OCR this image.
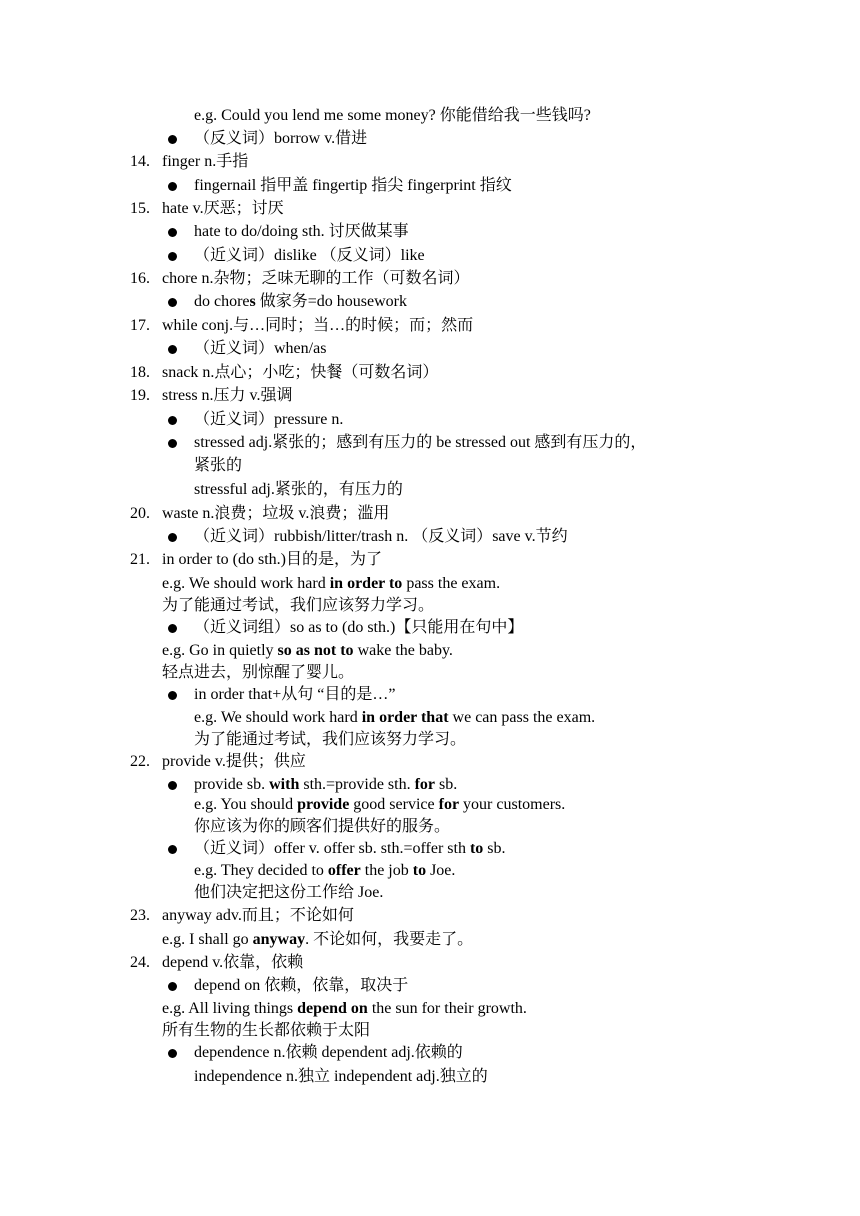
e.g. Could you lend me some money? 你能借给我一些钱吗?
（反义词）borrow v.借进
14. finger n.手指
fingernail 指甲盖 fingertip 指尖 fingerprint 指纹
15. hate v.厌恶；讨厌
hate to do/doing sth. 讨厌做某事
（近义词）dislike （反义词）like
16. chore n.杂物；乏味无聊的工作（可数名词）
do chores 做家务=do housework
17. while conj.与…同时；当…的时候；而；然而
（近义词）when/as
18. snack n.点心；小吃；快餐（可数名词）
19. stress n.压力 v.强调
（近义词）pressure n.
stressed adj.紧张的；感到有压力的 be stressed out 感到有压力的，
紧张的
stressful adj.紧张的，有压力的
20. waste n.浪费；垃圾 v.浪费；滥用
（近义词）rubbish/litter/trash n. （反义词）save v.节约
21. in order to (do sth.)目的是，为了
e.g. We should work hard in order to pass the exam.
为了能通过考试，我们应该努力学习。
（近义词组）so as to (do sth.)【只能用在句中】
e.g. Go in quietly so as not to wake the baby.
轻点进去，别惊醒了婴儿。
in order that+从句 “目的是…”
e.g. We should work hard in order that we can pass the exam.
为了能通过考试，我们应该努力学习。
22. provide v.提供；供应
provide sb. with sth.=provide sth. for sb.
e.g. You should provide good service for your customers.
你应该为你的顾客们提供好的服务。
（近义词）offer v. offer sb. sth.=offer sth to sb.
e.g. They decided to offer the job to Joe.
他们决定把这份工作给 Joe.
23. anyway adv.而且；不论如何
e.g. I shall go anyway. 不论如何，我要走了。
24. depend v.依靠，依赖
depend on 依赖，依靠，取决于
e.g. All living things depend on the sun for their growth.
所有生物的生长都依赖于太阳
dependence n.依赖 dependent adj.依赖的
independence n.独立 independent adj.独立的
